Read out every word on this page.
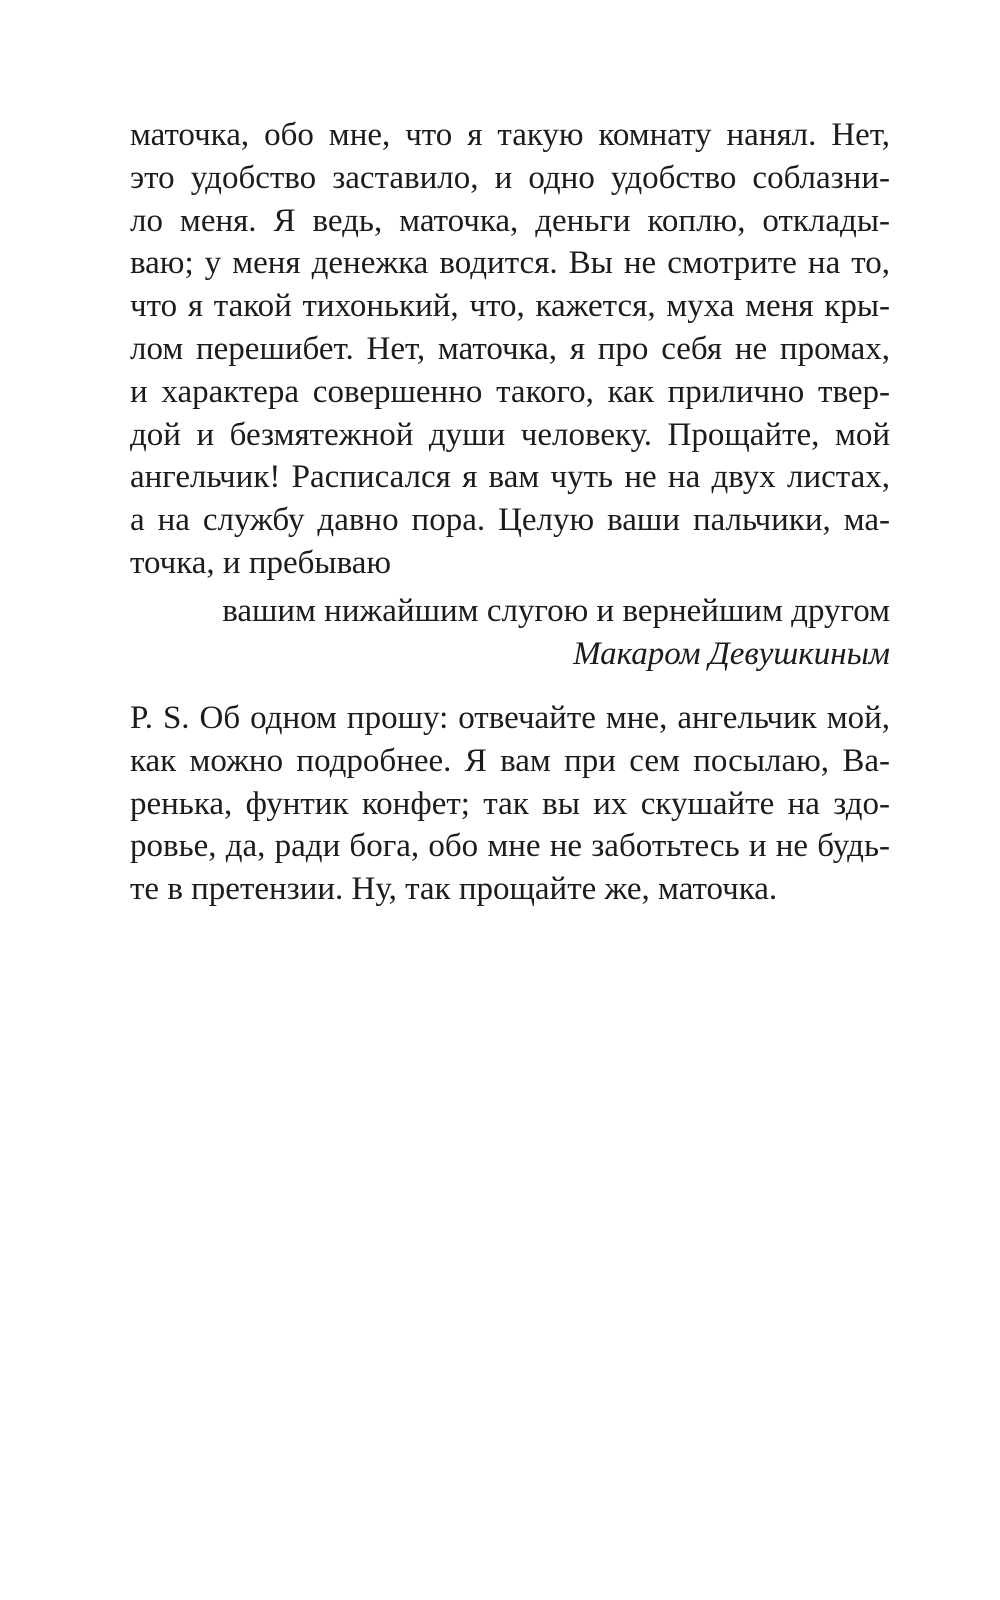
маточка, обо мне, что я такую комнату нанял. Нет,
это удобство заставило, и одно удобство соблазни-
ло меня. Я ведь, маточка, деньги коплю, отклады-
ваю; у меня денежка водится. Вы не смотрите на то,
что я такой тихонький, что, кажется, муха меня кры-
лом перешибет. Нет, маточка, я про себя не промах,
и характера совершенно такого, как прилично твер-
дой и безмятежной души человеку. Прощайте, мой
ангельчик! Расписался я вам чуть не на двух листах,
а на службу давно пора. Целую ваши пальчики, ма-
точка, и пребываю
вашим нижайшим слугою и вернейшим другом
Макаром Девушкиным
P. S. Об одном прошу: отвечайте мне, ангельчик мой,
как можно подробнее. Я вам при сем посылаю, Ва-
ренька, фунтик конфет; так вы их скушайте на здо-
ровье, да, ради бога, обо мне не заботьтесь и не будь-
те в претензии. Ну, так прощайте же, маточка.
